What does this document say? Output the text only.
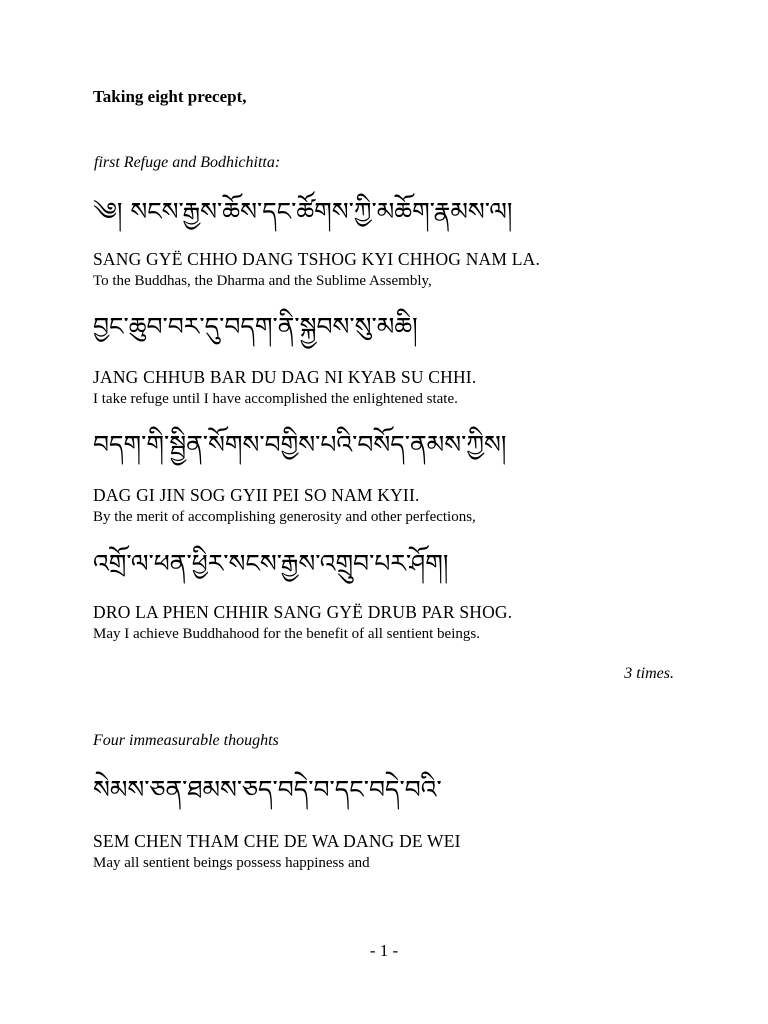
Taking eight precept,
first Refuge and Bodhichitta:
༄། སངས་རྒྱས་ཆོས་དང་ཚོགས་ཀྱི་མཆོག་རྣམས་ལ།
SANG GYË CHHO DANG TSHOG KYI CHHOG NAM LA.
To the Buddhas, the Dharma and the Sublime Assembly,
བྱང་ཆུབ་བར་དུ་བདག་ནི་སྐྱབས་སུ་མཆི།
JANG CHHUB BAR DU DAG NI KYAB SU CHHI.
I take refuge until I have accomplished the enlightened state.
བདག་གི་སྦྱིན་སོགས་བགྱིས་པའི་བསོད་ནམས་ཀྱིས།
DAG GI JIN SOG GYII PEI SO NAM KYII.
By the merit of accomplishing generosity and other perfections,
འགྲོ་ལ་ཕན་ཕྱིར་སངས་རྒྱས་འགྲུབ་པར་ཤོག།
DRO LA PHEN CHHIR SANG GYË DRUB PAR SHOG.
May I achieve Buddhahood for the benefit of all sentient beings.
3 times.
Four immeasurable thoughts
སེམས་ཅན་ཐམས་ཅད་བདེ་བ་དང་བདེ་བའི་
SEM CHEN THAM CHE DE WA DANG DE WEI
May all sentient beings possess happiness and
- 1 -
